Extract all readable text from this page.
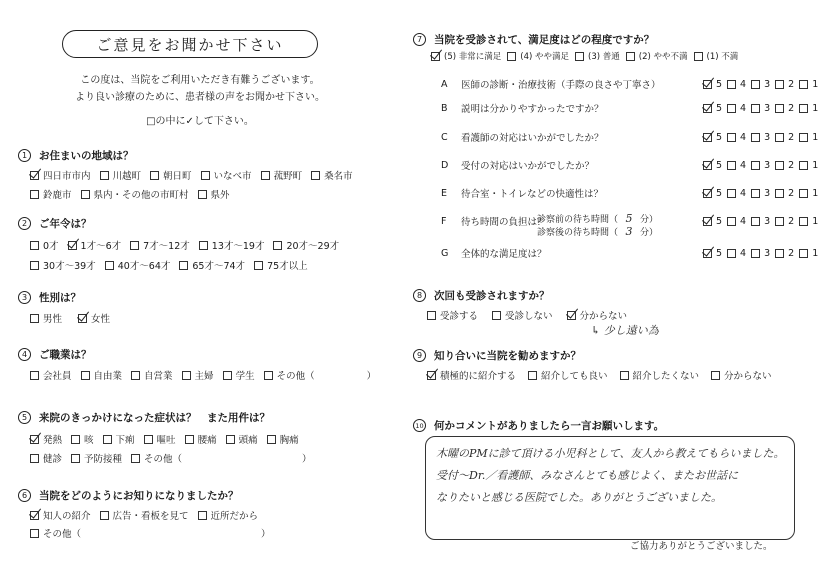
ご意見をお聞かせ下さい
この度は、当院をご利用いただき有難うございます。
より良い診療のために、患者様の声をお聞かせ下さい。
□の中に✓して下さい。
1	お住まいの地域は？
四日市市内 川越町 朝日町 いなべ市 菰野町 桑名市
鈴鹿市 県内・その他の市町村 県外
2	ご年令は？
0才 1才～6才 7才～12才 13才～19才 20才～29才
30才～39才 40才～64才 65才～74才 75才以上
3	性別は？
男性	女性
4	ご職業は？
会社員 自由業 自営業 主婦 学生 その他（	）
5	来院のきっかけになった症状は？　また用件は？
発熱 咳 下痢 嘔吐 腰痛 頭痛 胸痛
健診 予防接種 その他（	）
6	当院をどのようにお知りになりましたか？
知人の紹介 広告・看板を見て 近所だから
その他（	）
7	当院を受診されて、満足度はどの程度ですか？
(5) 非常に満足 (4) やや満足 (3) 普通 (2) やや不満 (1) 不満
A	医師の診断・治療技術（手際の良さや丁寧さ）	5 4 3 2 1
B	説明は分かりやすかったですか？	5 4 3 2 1
C	看護師の対応はいかがでしたか？	5 4 3 2 1
D	受付の対応はいかがでしたか？	5 4 3 2 1
E	待合室・トイレなどの快適性は？	5 4 3 2 1
F	待ち時間の負担は？	5 4 3 2 1
G	全体的な満足度は？	5 4 3 2 1
診察前の待ち時間（ 5 分）
診察後の待ち時間（ 3 分）
8	次回も受診されますか？
受診する	受診しない	分からない
↳ 少し遠い為
9	知り合いに当院を勧めますか？
積極的に紹介する	紹介しても良い	紹介したくない	分からない
10 何かコメントがありましたら一言お願いします。
木曜のPMに診て頂ける小児科として、友人から教えてもらいました。
受付～Dr.／看護師、みなさんとても感じよく、またお世話に
なりたいと感じる医院でした。ありがとうございました。
ご協力ありがとうございました。
